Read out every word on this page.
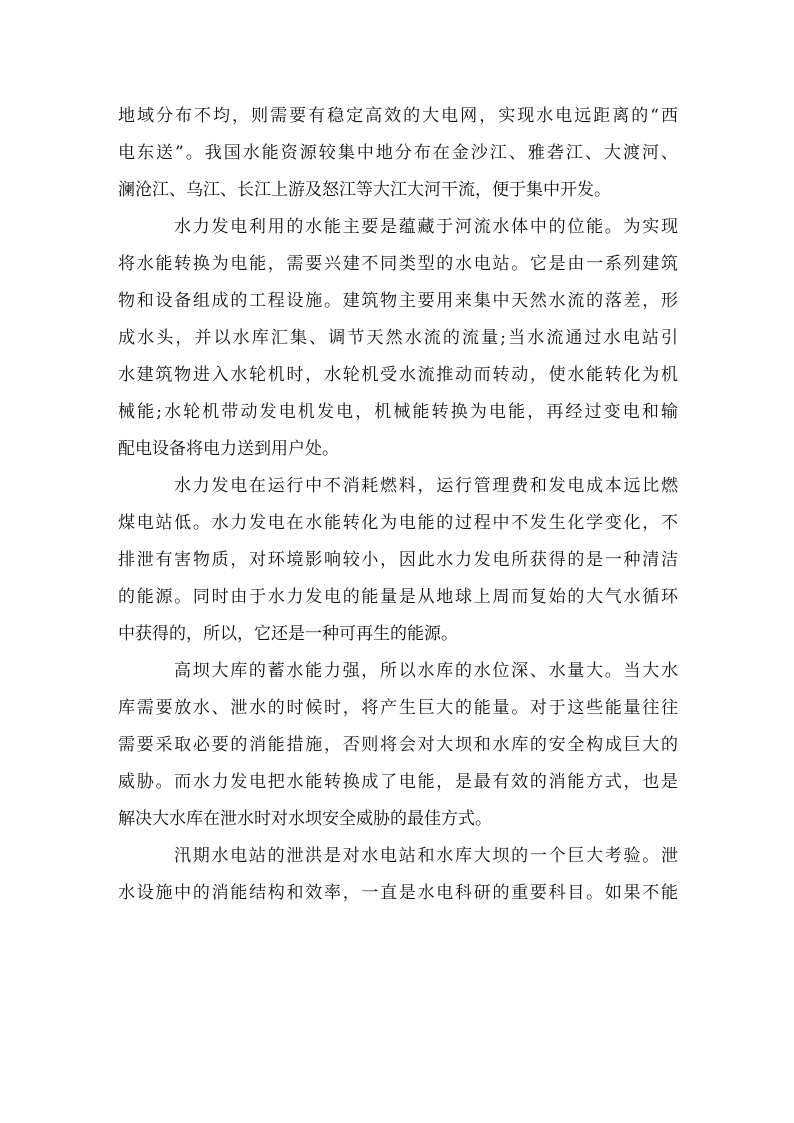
地域分布不均，则需要有稳定高效的大电网，实现水电远距离的“西
电东送”。我国水能资源较集中地分布在金沙江、雅砻江、大渡河、
澜沧江、乌江、长江上游及怒江等大江大河干流，便于集中开发。
水力发电利用的水能主要是蕴藏于河流水体中的位能。为实现
将水能转换为电能，需要兴建不同类型的水电站。它是由一系列建筑
物和设备组成的工程设施。建筑物主要用来集中天然水流的落差，形
成水头，并以水库汇集、调节天然水流的流量;当水流通过水电站引
水建筑物进入水轮机时，水轮机受水流推动而转动，使水能转化为机
械能;水轮机带动发电机发电，机械能转换为电能，再经过变电和输
配电设备将电力送到用户处。
水力发电在运行中不消耗燃料，运行管理费和发电成本远比燃
煤电站低。水力发电在水能转化为电能的过程中不发生化学变化，不
排泄有害物质，对环境影响较小，因此水力发电所获得的是一种清洁
的能源。同时由于水力发电的能量是从地球上周而复始的大气水循环
中获得的，所以，它还是一种可再生的能源。
高坝大库的蓄水能力强，所以水库的水位深、水量大。当大水
库需要放水、泄水的时候时，将产生巨大的能量。对于这些能量往往
需要采取必要的消能措施，否则将会对大坝和水库的安全构成巨大的
威胁。而水力发电把水能转换成了电能，是最有效的消能方式，也是
解决大水库在泄水时对水坝安全威胁的最佳方式。
汛期水电站的泄洪是对水电站和水库大坝的一个巨大考验。泄
水设施中的消能结构和效率，一直是水电科研的重要科目。如果不能
